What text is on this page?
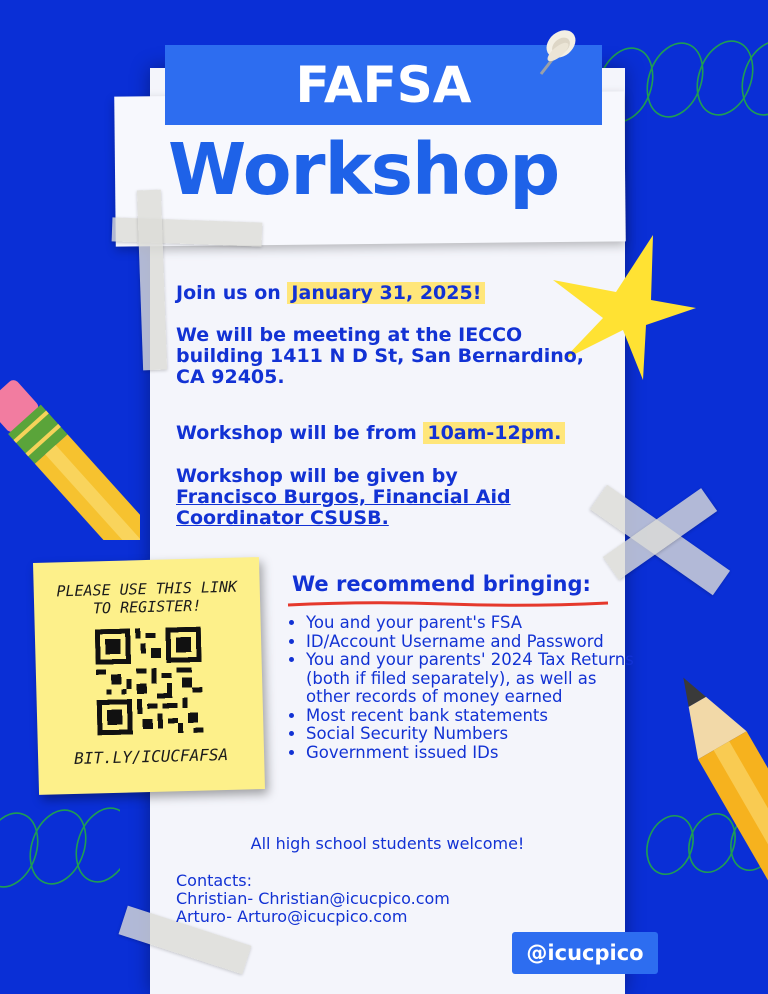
FAFSA
Workshop
Join us on January 31, 2025!
We will be meeting at the IECCO building 1411 N D St, San Bernardino, CA 92405.
Workshop will be from 10am-12pm.
Workshop will be given by
Francisco Burgos, Financial Aid Coordinator CSUSB.
PLEASE USE THIS LINK
TO REGISTER!
BIT.LY/ICUCFAFSA
We recommend bringing:
• You and your parent's FSA
• ID/Account Username and Password
• You and your parents' 2024 Tax Returns (both if filed separately), as well as other records of money earned
• Most recent bank statements
• Social Security Numbers
• Government issued IDs
All high school students welcome!
Contacts:
Christian- Christian@icucpico.com
Arturo- Arturo@icucpico.com
@icucpico
